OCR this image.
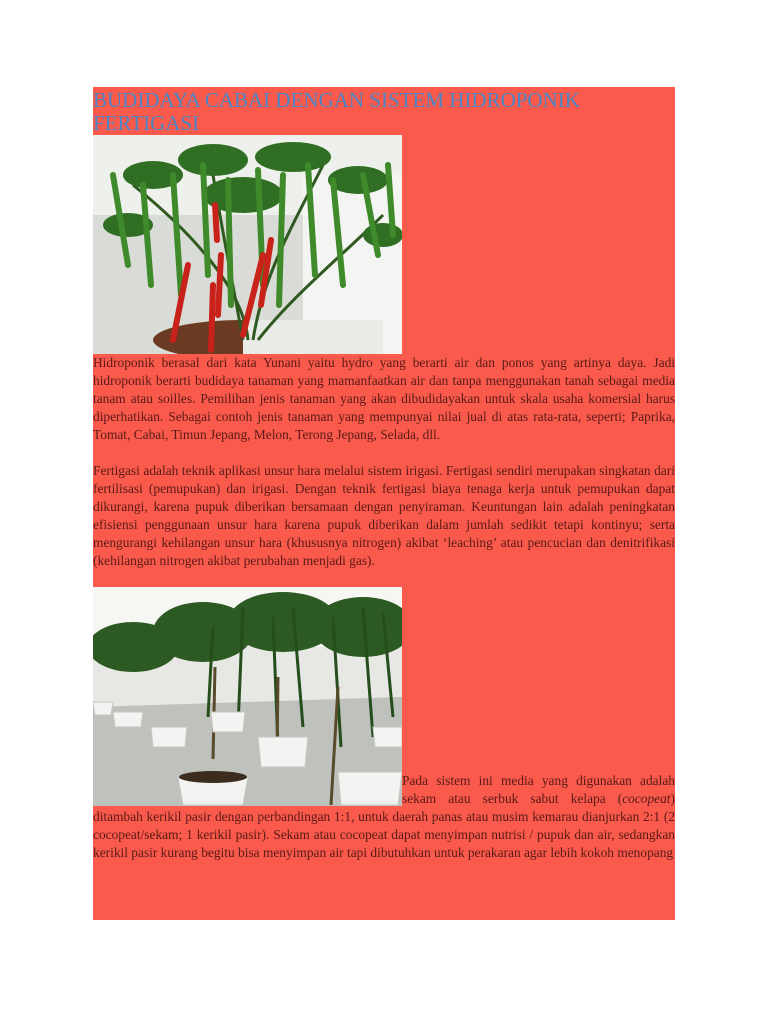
BUDIDAYA CABAI DENGAN SISTEM HIDROPONIK FERTIGASI

Hidroponik berasal dari kata Yunani yaitu hydro yang berarti air dan ponos yang artinya daya. Jadi hidroponik berarti budidaya tanaman yang mamanfaatkan air dan tanpa menggunakan tanah sebagai media tanam atau soilles. Pemilihan jenis tanaman yang akan dibudidayakan untuk skala usaha komersial harus diperhatikan. Sebagai contoh jenis tanaman yang mempunyai nilai jual di atas rata-rata, seperti; Paprika, Tomat, Cabai, Timun Jepang, Melon, Terong Jepang, Selada, dll.

Fertigasi adalah teknik aplikasi unsur hara melalui sistem irigasi. Fertigasi sendiri merupakan singkatan dari fertilisasi (pemupukan) dan irigasi. Dengan teknik fertigasi biaya tenaga kerja untuk pemupukan dapat dikurangi, karena pupuk diberikan bersamaan dengan penyiraman. Keuntungan lain adalah peningkatan efisiensi penggunaan unsur hara karena pupuk diberikan dalam jumlah sedikit tetapi kontinyu; serta mengurangi kehilangan unsur hara (khususnya nitrogen) akibat ‘leaching’ atau pencucian dan denitrifikasi (kehilangan nitrogen akibat perubahan menjadi gas).

Pada sistem ini media yang digunakan adalah sekam atau serbuk sabut kelapa (cocopeat) ditambah kerikil pasir dengan perbandingan 1:1, untuk daerah panas atau musim kemarau dianjurkan 2:1 (2 cocopeat/sekam; 1 kerikil pasir). Sekam atau cocopeat dapat menyimpan nutrisi / pupuk dan air, sedangkan kerikil pasir kurang begitu bisa menyimpan air tapi dibutuhkan untuk perakaran agar lebih kokoh menopang
